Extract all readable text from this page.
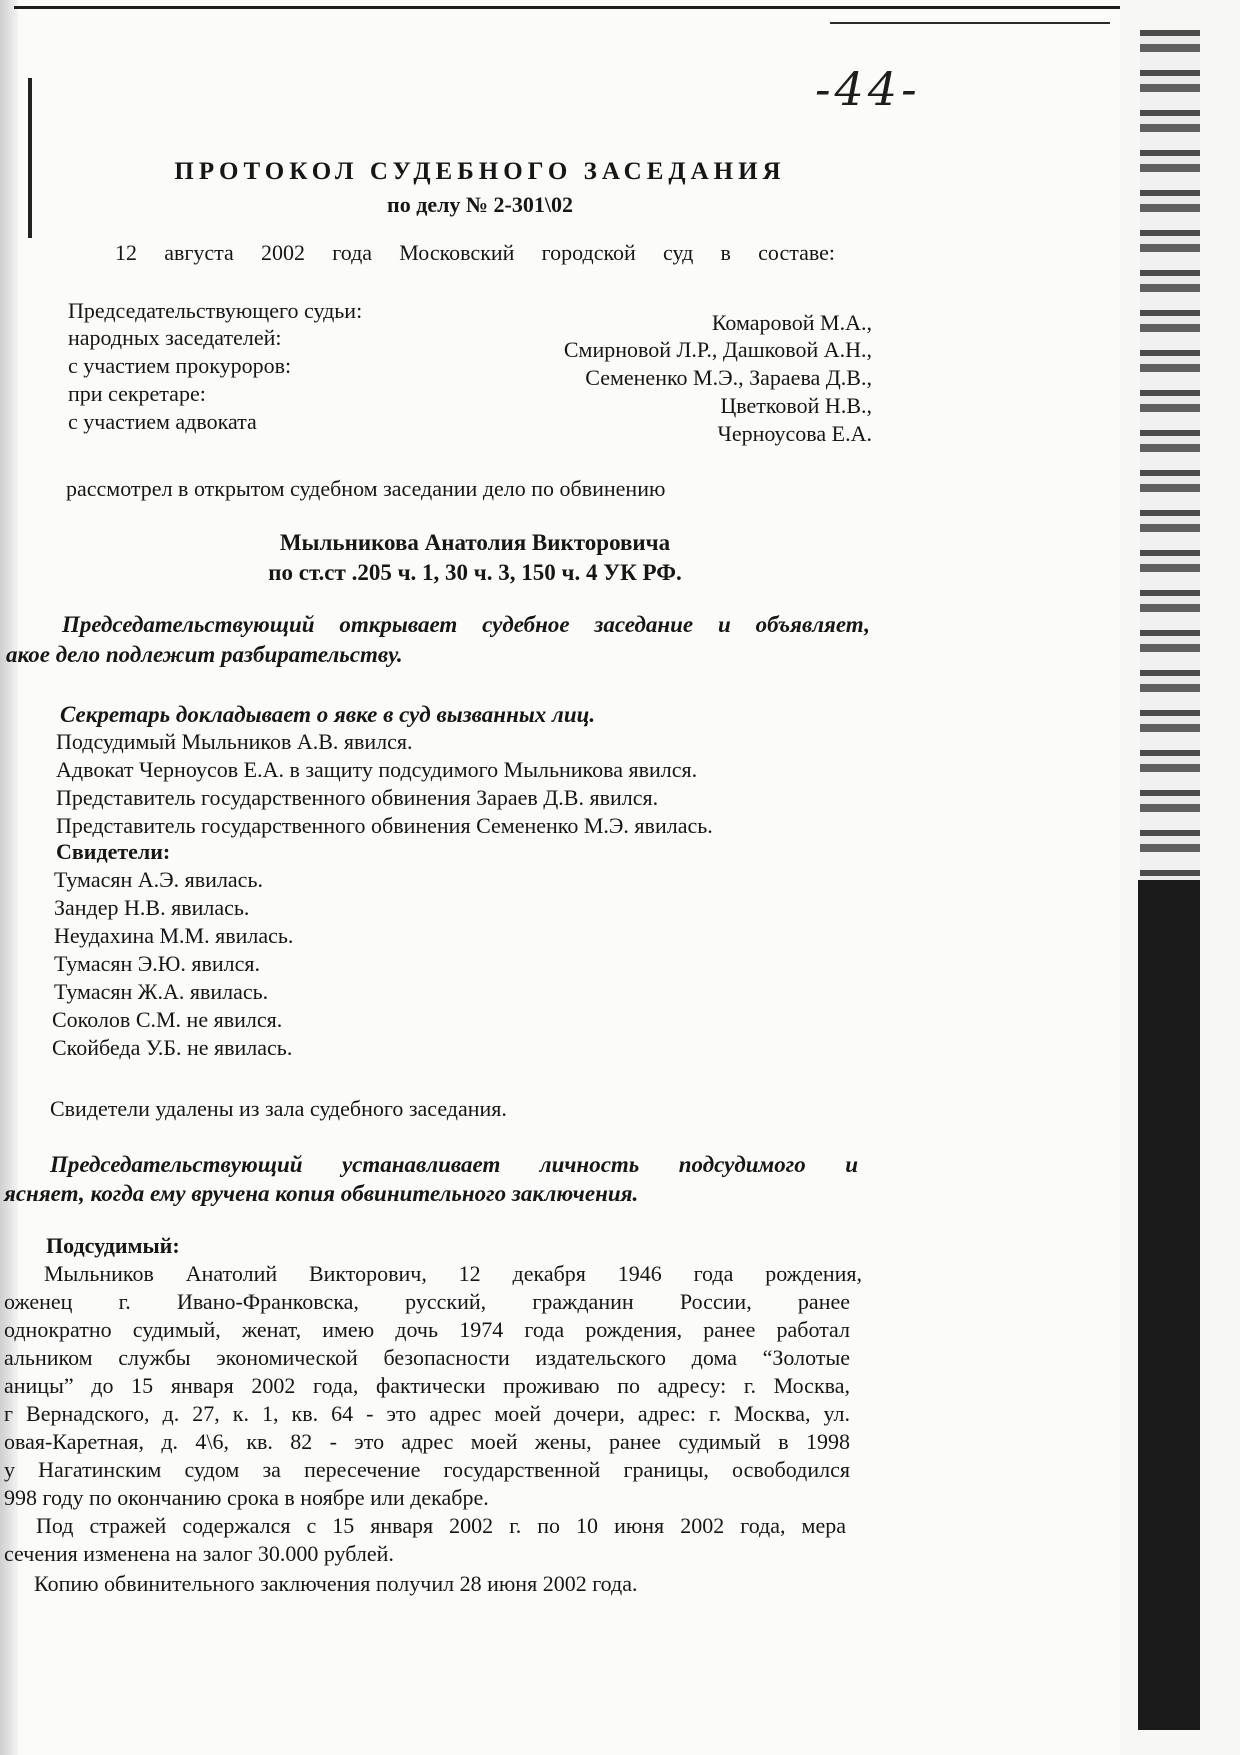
-44-
ПРОТОКОЛ СУДЕБНОГО ЗАСЕДАНИЯ
по делу № 2-301\02
12 августа 2002 года Московский городской суд в составе:
Председательствующего судьи:
народных заседателей:
с участием прокуроров:
при секретаре:
с участием адвоката
Комаровой М.А.,
Смирновой Л.Р., Дашковой А.Н.,
Семененко М.Э., Зараева Д.В.,
Цветковой Н.В.,
Черноусова Е.А.
рассмотрел в открытом судебном заседании дело по обвинению
Мыльникова Анатолия Викторовича
по ст.ст .205 ч. 1, 30 ч. 3, 150 ч. 4 УК РФ.
Председательствующий открывает судебное заседание и объявляет,
акое дело подлежит разбирательству.
Секретарь докладывает о явке в суд вызванных лиц.
Подсудимый Мыльников А.В. явился.
Адвокат Черноусов Е.А. в защиту подсудимого Мыльникова явился.
Представитель государственного обвинения Зараев Д.В. явился.
Представитель государственного обвинения Семененко М.Э. явилась.
Свидетели:
Тумасян А.Э. явилась.
Зандер Н.В. явилась.
Неудахина М.М. явилась.
Тумасян Э.Ю. явился.
Тумасян Ж.А. явилась.
Соколов С.М. не явился.
Скойбеда У.Б. не явилась.
Свидетели удалены из зала судебного заседания.
Председательствующий устанавливает личность подсудимого и
ясняет, когда ему вручена копия обвинительного заключения.
Подсудимый:
Мыльников Анатолий Викторович, 12 декабря 1946 года рождения,
оженец г. Ивано-Франковска, русский, гражданин России, ранее
однократно судимый, женат, имею дочь 1974 года рождения, ранее работал
альником службы экономической безопасности издательского дома “Золотые
аницы” до 15 января 2002 года, фактически проживаю по адресу: г. Москва,
г Вернадского, д. 27, к. 1, кв. 64 - это адрес моей дочери, адрес: г. Москва, ул.
овая-Каретная, д. 4\6, кв. 82 - это адрес моей жены, ранее судимый в 1998
у Нагатинским судом за пересечение государственной границы, освободился
998 году по окончанию срока в ноябре или декабре.
Под стражей содержался с 15 января 2002 г. по 10 июня 2002 года, мера
сечения изменена на залог 30.000 рублей.
Копию обвинительного заключения получил 28 июня 2002 года.
